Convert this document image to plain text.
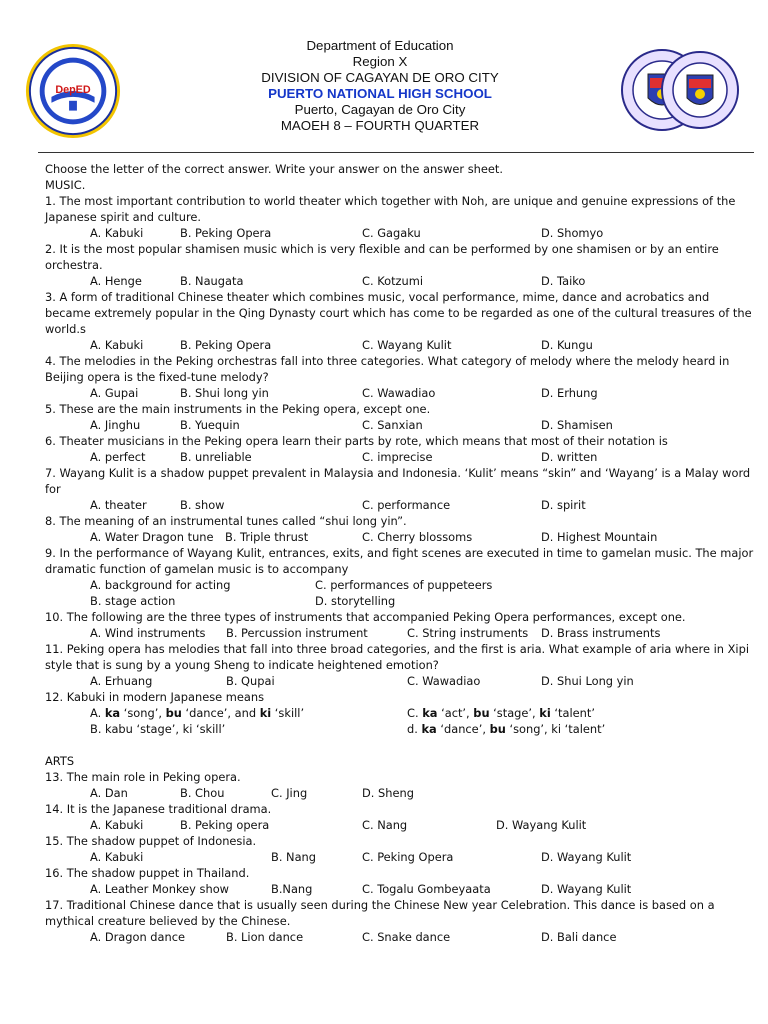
DepED
Department of Education
Region X
DIVISION OF CAGAYAN DE ORO CITY
PUERTO NATIONAL HIGH SCHOOL
Puerto, Cagayan de Oro City
MAOEH 8 – FOURTH QUARTER
Choose the letter of the correct answer. Write your answer on the answer sheet.
MUSIC.
1. The most important contribution to world theater which together with Noh, are unique and genuine expressions of the Japanese spirit and culture.
A. Kabuki	B. Peking Opera	C. Gagaku	D. Shomyo
2. It is the most popular shamisen music which is very flexible and can be performed by one shamisen or by an entire orchestra.
A. Henge	B. Naugata	C. Kotzumi	D. Taiko
3. A form of traditional Chinese theater which combines music, vocal performance, mime, dance and acrobatics and became extremely popular in the Qing Dynasty court which has come to be regarded as one of the cultural treasures of the world.s
A. Kabuki	B. Peking Opera	C. Wayang Kulit	D. Kungu
4. The melodies in the Peking orchestras fall into three categories. What category of melody where the melody heard in Beijing opera is the fixed-tune melody?
A. Gupai	B. Shui long yin	C. Wawadiao	D. Erhung
5. These are the main instruments in the Peking opera, except one.
A. Jinghu	B. Yuequin	C. Sanxian	D. Shamisen
6. Theater musicians in the Peking opera learn their parts by rote, which means that most of their notation is
A. perfect	B. unreliable	C. imprecise	D. written
7. Wayang Kulit is a shadow puppet prevalent in Malaysia and Indonesia. ‘Kulit’ means “skin” and ‘Wayang’ is a Malay word for
A. theater	B. show	C. performance	D. spirit
8. The meaning of an instrumental tunes called “shui long yin”.
A. Water Dragon tune B. Triple thrust	C. Cherry blossoms	D. Highest Mountain
9. In the performance of Wayang Kulit, entrances, exits, and fight scenes are executed in time to gamelan music. The major dramatic function of gamelan music is to accompany
A. background for acting	C. performances of puppeteers
B. stage action	D. storytelling
10. The following are the three types of instruments that accompanied Peking Opera performances, except one.
A. Wind instruments B. Percussion instrument	C. String instruments D. Brass instruments
11. Peking opera has melodies that fall into three broad categories, and the first is aria. What example of aria where in Xipi style that is sung by a young Sheng to indicate heightened emotion?
A. Erhuang	B. Qupai	C. Wawadiao	D. Shui Long yin
12. Kabuki in modern Japanese means
A. ka ‘song’, bu ‘dance’, and ki ‘skill’	C. ka ‘act’, bu ‘stage’, ki ‘talent’
B. kabu ‘stage’, ki ‘skill’	d. ka ‘dance’, bu ‘song’, ki ‘talent’
ARTS
13. The main role in Peking opera.
A. Dan	B. Chou	C. Jing	D. Sheng
14. It is the Japanese traditional drama.
A. Kabuki	B. Peking opera	C. Nang	D. Wayang Kulit
15. The shadow puppet of Indonesia.
A. Kabuki	B. Nang	C. Peking Opera	D. Wayang Kulit
16. The shadow puppet in Thailand.
A. Leather Monkey show	B.Nang	C. Togalu Gombeyaata	D. Wayang Kulit
17. Traditional Chinese dance that is usually seen during the Chinese New year Celebration. This dance is based on a mythical creature believed by the Chinese.
A. Dragon dance	B. Lion dance	C. Snake dance	D. Bali dance
